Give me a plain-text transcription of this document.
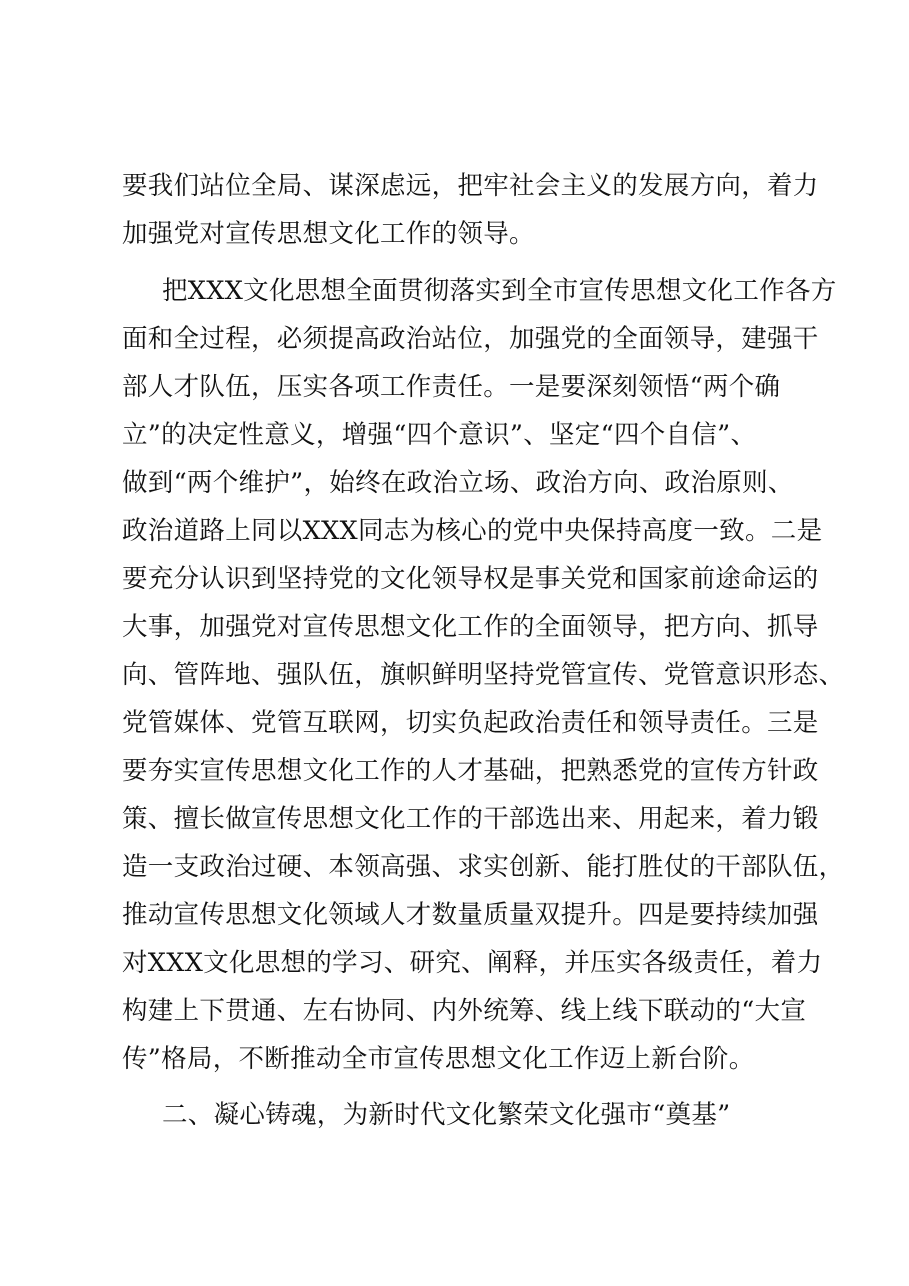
要我们站位全局、谋深虑远，把牢社会主义的发展方向，着力
加强党对宣传思想文化工作的领导。
把XXX文化思想全面贯彻落实到全市宣传思想文化工作各方
面和全过程，必须提高政治站位，加强党的全面领导，建强干
部人才队伍，压实各项工作责任。一是要深刻领悟“两个确
立”的决定性意义，增强“四个意识”、坚定“四个自信”、
做到“两个维护”，始终在政治立场、政治方向、政治原则、
政治道路上同以XXX同志为核心的党中央保持高度一致。二是
要充分认识到坚持党的文化领导权是事关党和国家前途命运的
大事，加强党对宣传思想文化工作的全面领导，把方向、抓导
向、管阵地、强队伍，旗帜鲜明坚持党管宣传、党管意识形态、
党管媒体、党管互联网，切实负起政治责任和领导责任。三是
要夯实宣传思想文化工作的人才基础，把熟悉党的宣传方针政
策、擅长做宣传思想文化工作的干部选出来、用起来，着力锻
造一支政治过硬、本领高强、求实创新、能打胜仗的干部队伍，
推动宣传思想文化领域人才数量质量双提升。四是要持续加强
对XXX文化思想的学习、研究、阐释，并压实各级责任，着力
构建上下贯通、左右协同、内外统筹、线上线下联动的“大宣
传”格局，不断推动全市宣传思想文化工作迈上新台阶。
二、凝心铸魂，为新时代文化繁荣文化强市“奠基”
